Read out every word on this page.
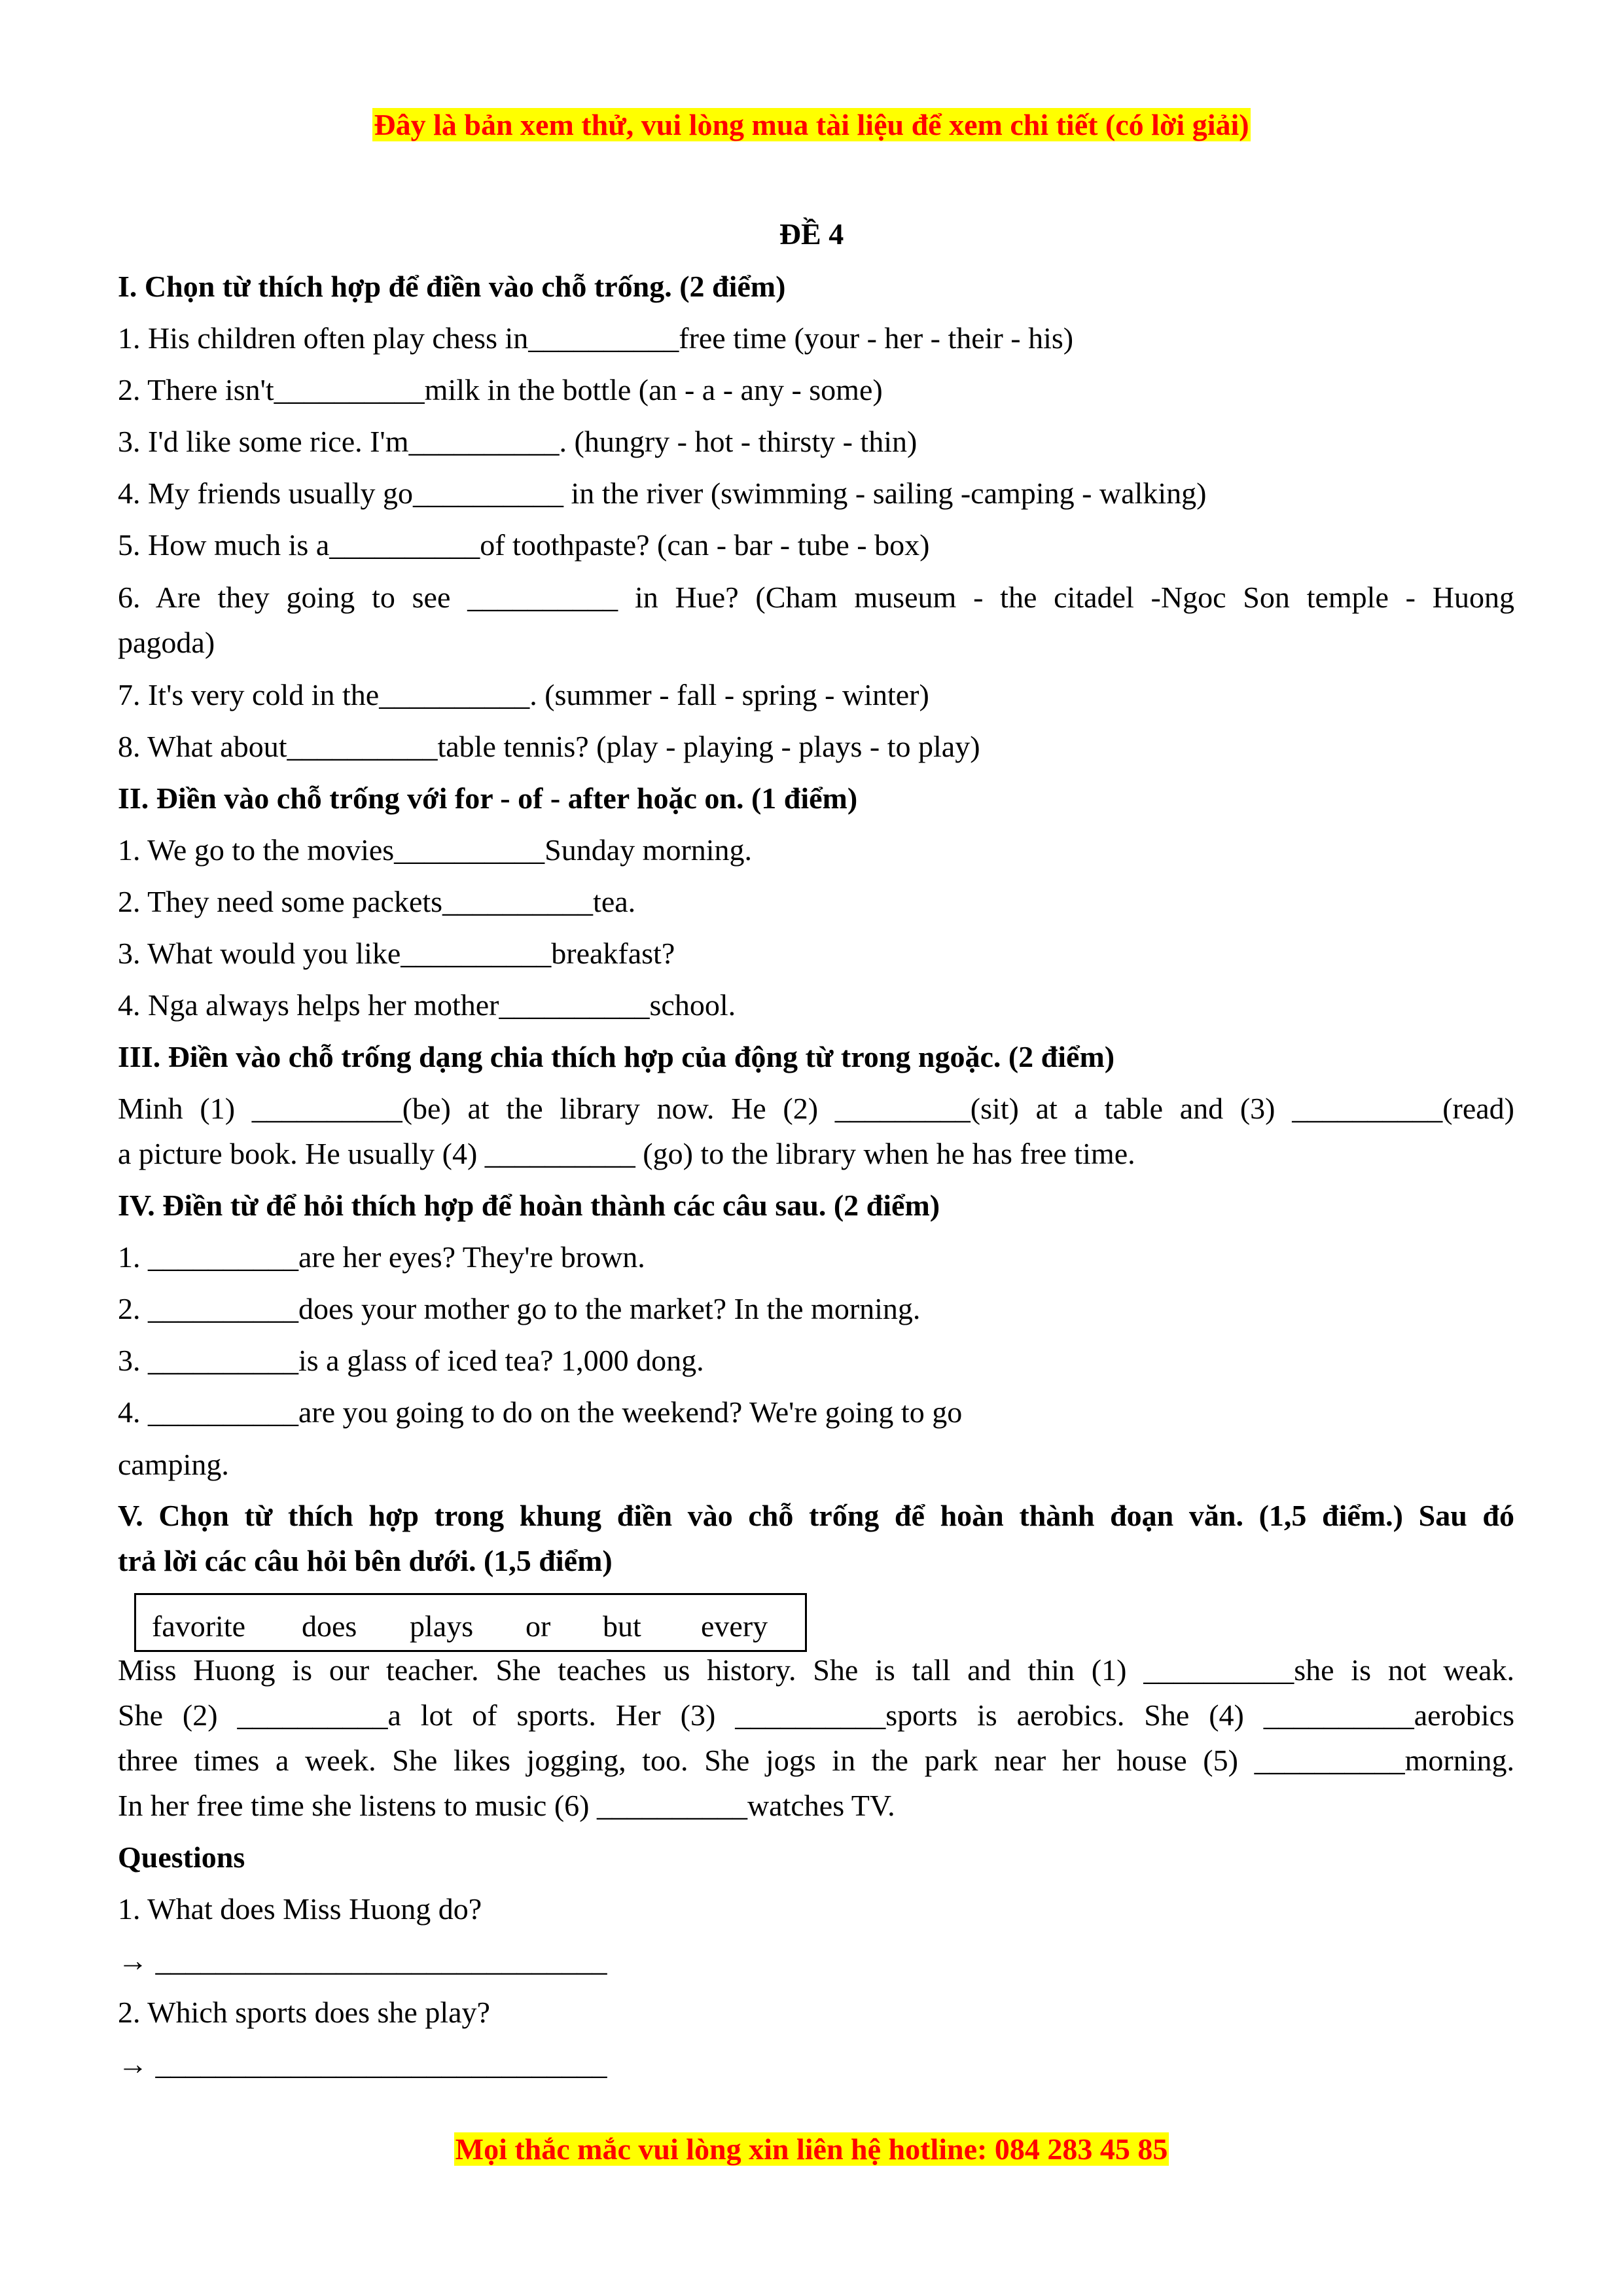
Đây là bản xem thử, vui lòng mua tài liệu để xem chi tiết (có lời giải)
ĐỀ 4
I. Chọn từ thích hợp để điền vào chỗ trống. (2 điểm)
1. His children often play chess in__________free time (your - her - their - his)
2. There isn't__________milk in the bottle (an - a - any - some)
3. I'd like some rice. I'm__________. (hungry - hot - thirsty - thin)
4. My friends usually go__________ in the river (swimming - sailing -camping - walking)
5. How much is a__________of toothpaste? (can - bar - tube - box)
6. Are they going to see __________ in Hue? (Cham museum - the citadel -Ngoc Son temple - Huong
pagoda)
7. It's very cold in the__________. (summer - fall - spring - winter)
8. What about__________table tennis? (play - playing - plays - to play)
II. Điền vào chỗ trống với for - of - after hoặc on. (1 điểm)
1. We go to the movies__________Sunday morning.
2. They need some packets__________tea.
3. What would you like__________breakfast?
4. Nga always helps her mother__________school.
III. Điền vào chỗ trống dạng chia thích hợp của động từ trong ngoặc. (2 điểm)
Minh (1) __________(be) at the library now. He (2) _________(sit) at a table and (3) __________(read)
a picture book. He usually (4) __________ (go) to the library when he has free time.
IV. Điền từ để hỏi thích hợp để hoàn thành các câu sau. (2 điểm)
1. __________are her eyes? They're brown.
2. __________does your mother go to the market? In the morning.
3. __________is a glass of iced tea? 1,000 dong.
4. __________are you going to do on the weekend? We're going to go
camping.
V. Chọn từ thích hợp trong khung điền vào chỗ trống để hoàn thành đoạn văn. (1,5 điểm.) Sau đó
trả lời các câu hỏi bên dưới. (1,5 điểm)
favorite does plays or but every
Miss Huong is our teacher. She teaches us history. She is tall and thin (1) __________she is not weak.
She (2) __________a lot of sports. Her (3) __________sports is aerobics. She (4) __________aerobics
three times a week. She likes jogging, too. She jogs in the park near her house (5) __________morning.
In her free time she listens to music (6) __________watches TV.
Questions
1. What does Miss Huong do?
→ ______________________________
2. Which sports does she play?
→ ______________________________
Mọi thắc mắc vui lòng xin liên hệ hotline: 084 283 45 85
